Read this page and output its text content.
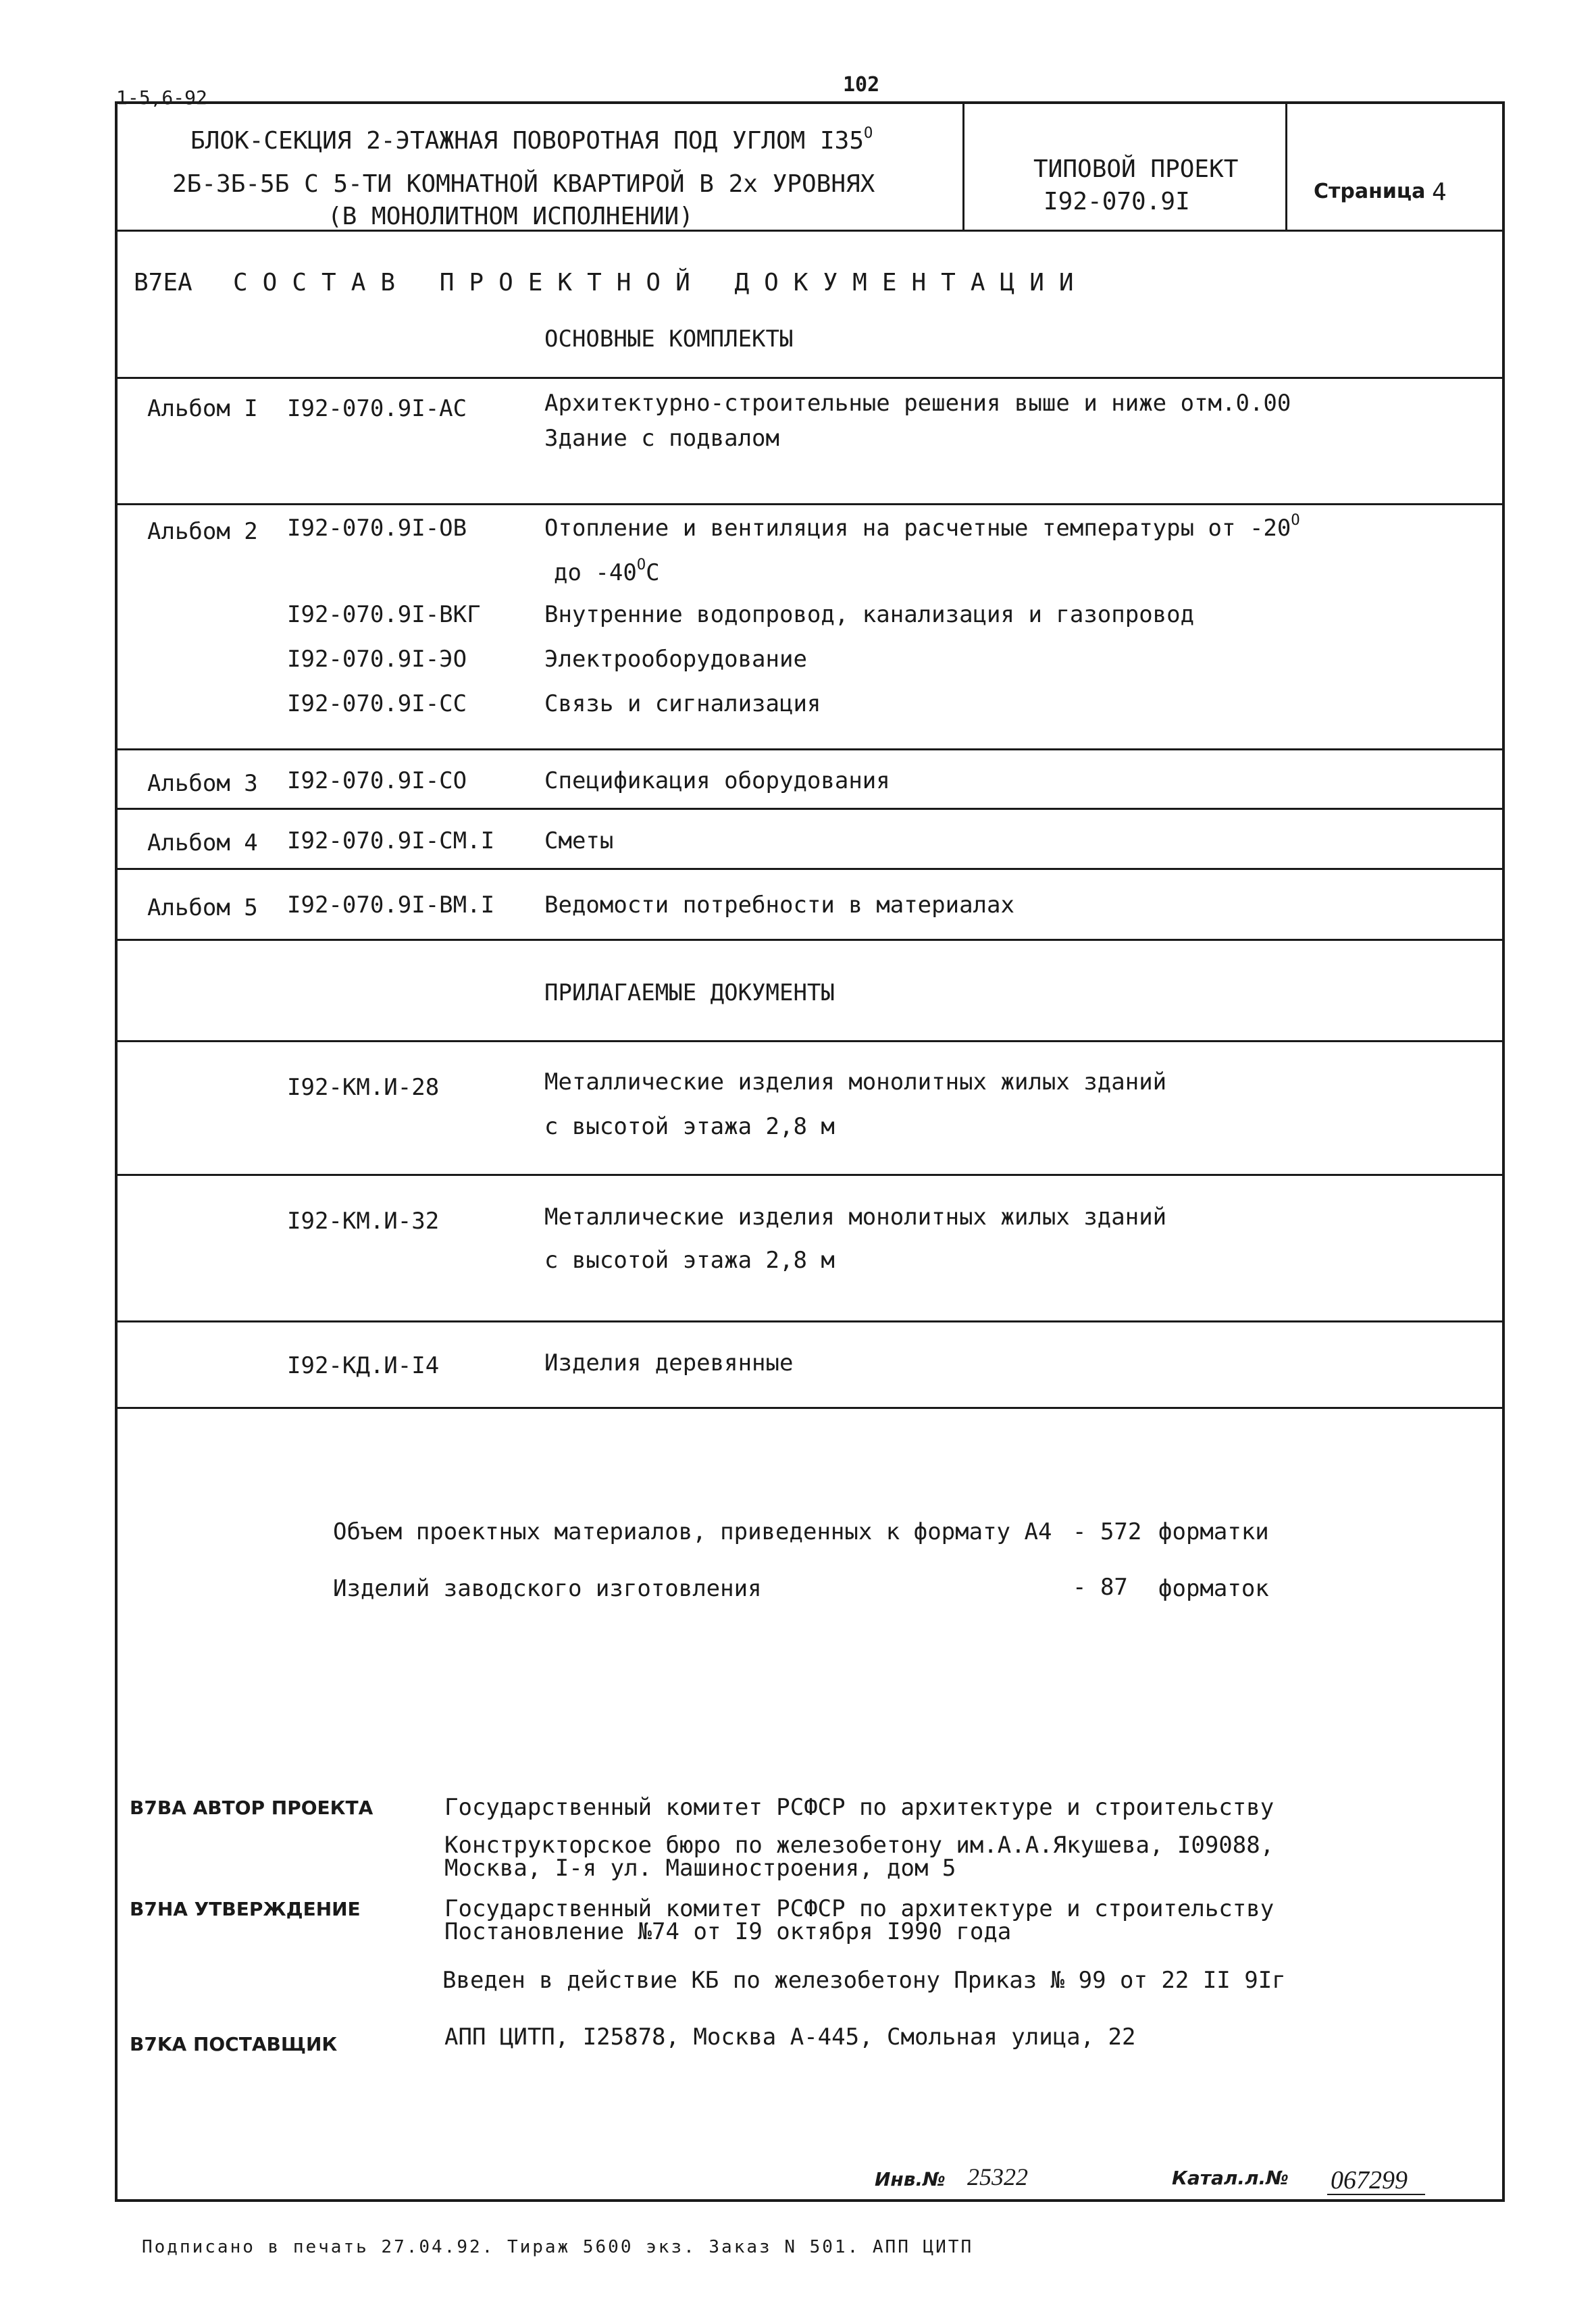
1-5,6-92
102
БЛОК-СЕКЦИЯ 2-ЭТАЖНАЯ ПОВОРОТНАЯ ПОД УГЛОМ $I35^О$
2Б-3Б-5Б С 5-ТИ КОМНАТНОЙ КВАРТИРОЙ В 2х УРОВНЯХ
(В МОНОЛИТНОМ ИСПОЛНЕНИИ)
ТИПОВОЙ ПРОЕКТ
I92-070.9I	Страница 4
B7EA СОСТАВ ПРОЕКТНОЙ ДОКУМЕНТАЦИИ
ОСНОВНЫЕ КОМПЛЕКТЫ
Альбом I I92-070.9I-АС	Архитектурно-строительные решения выше и ниже отм.0.00
Здание с подвалом
Альбом 2 I92-070.9I-ОВ	Отопление и вентиляция на расчетные температуры от $-20^О$
до $-40^ОС$
I92-070.9I-ВКГ	Внутренние водопровод, канализация и газопровод
I92-070.9I-ЭО	Электрооборудование
I92-070.9I-СС	Связь и сигнализация
Альбом 3 I92-070.9I-СО	Спецификация оборудования
Альбом 4 I92-070.9I-СМ.I Сметы
Альбом 5 I92-070.9I-ВМ.I Ведомости потребности в материалах
ПРИЛАГАЕМЫЕ ДОКУМЕНТЫ
I92-КМ.И-28	Металлические изделия монолитных жилых зданий
с высотой этажа 2,8 м
I92-КМ.И-32	Металлические изделия монолитных жилых зданий
с высотой этажа 2,8 м
I92-КД.И-I4	Изделия деревянные
Объем проектных материалов, приведенных к формату А4 - 572 форматки
Изделий заводского изготовления	- 87 форматок
B7BA АВТОР ПРОЕКТА	Государственный комитет РСФСР по архитектуре и строительству
Конструкторское бюро по железобетону им.А.А.Якушева, I09088,
Москва, I-я ул. Машиностроения, дом 5
B7HA УТВЕРЖДЕНИЕ	Государственный комитет РСФСР по архитектуре и строительству
Постановление №74 от I9 октября I990 года
Введен в действие КБ по железобетону Приказ № 99 от 22 II 9Iг
B7KA ПОСТАВЩИК	АПП ЦИТП, I25878, Москва А-445, Смольная улица, 22
Инв.№ 25322	Катал.л.№ 067299
Подписано в печать 27.04.92. Тираж 5600 экз. Заказ N 501. АПП ЦИТП
